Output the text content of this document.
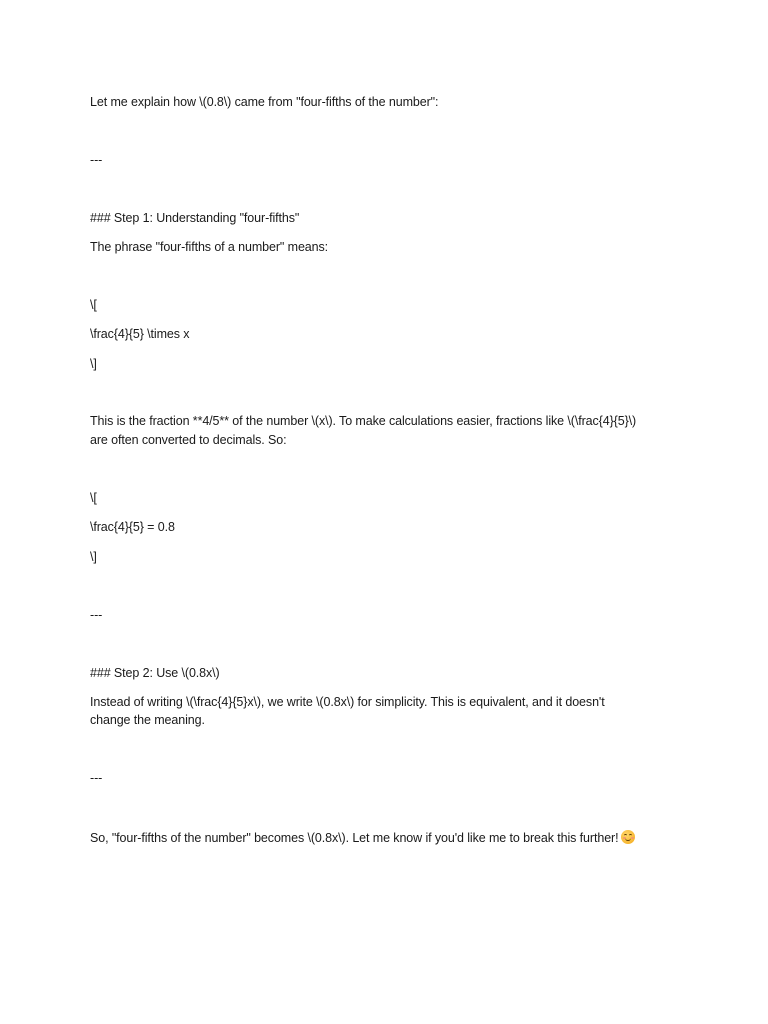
Let me explain how \(0.8\) came from "four-fifths of the number":
---
### Step 1: Understanding "four-fifths"
The phrase "four-fifths of a number" means:
\[
\frac{4}{5} \times x
\]
This is the fraction **4/5** of the number \(x\). To make calculations easier, fractions like \(\frac{4}{5}\)
are often converted to decimals. So:
\[
\frac{4}{5} = 0.8
\]
---
### Step 2: Use \(0.8x\)
Instead of writing \(\frac{4}{5}x\), we write \(0.8x\) for simplicity. This is equivalent, and it doesn't
change the meaning.
---
So, "four-fifths of the number" becomes \(0.8x\). Let me know if you'd like me to break this further!
